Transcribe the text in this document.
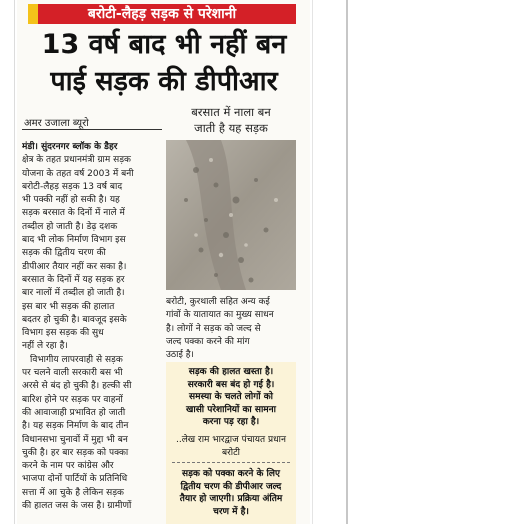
बरोटी-लैहड़ सड़क से परेशानी
13 वर्ष बाद भी नहीं बन
पाई सड़क की डीपीआर
अमर उजाला ब्यूरो
मंडी। सुंदरनगर ब्लॉक के डैहर
क्षेत्र के तहत प्रधानमंत्री ग्राम सड़क
योजना के तहत वर्ष 2003 में बनी
बरोटी-लैहड़ सड़क 13 वर्ष बाद
भी पक्की नहीं हो सकी है। यह
सड़क बरसात के दिनों में नाले में
तब्दील हो जाती है। डेढ़ दशक
बाद भी लोक निर्माण विभाग इस
सड़क की द्वितीय चरण की
डीपीआर तैयार नहीं कर सका है।
बरसात के दिनों में यह सड़क हर
बार नालों में तब्दील हो जाती है।
इस बार भी सड़क की हालात
बदतर हो चुकी है। बावजूद इसके
विभाग इस सड़क की सुध
नहीं ले रहा है।
विभागीय लापरवाही से सड़क
पर चलने वाली सरकारी बस भी
अरसे से बंद हो चुकी है। हल्की सी
बारिश होने पर सड़क पर वाहनों
की आवाजाही प्रभावित हो जाती
है। यह सड़क निर्माण के बाद तीन
विधानसभा चुनावों में मुद्दा भी बन
चुकी है। हर बार सड़क को पक्का
करने के नाम पर कांग्रेस और
भाजपा दोनों पार्टियों के प्रतिनिधि
सत्ता में आ चुके है लेकिन सड़क
की हालत जस के जस है। ग्रामीणों
बरसात में नाला बन
जाती है यह सड़क
बरोटी, कुरथाली सहित अन्य कई
गांवों के यातायात का मुख्य साधन
है। लोगों ने सड़क को जल्द से
जल्द पक्का करने की मांग
उठाई है।
सड़क की हालत खस्ता है।
सरकारी बस बंद हो गई है।
समस्या के चलते लोगों को
खासी परेशानियों का सामना
करना पड़ रहा है।
..लेख राम भारद्वाज पंचायत प्रधान
बरोटी
सड़क को पक्का करने के लिए
द्वितीय चरण की डीपीआर जल्द
तैयार हो जाएगी। प्रक्रिया अंतिम
चरण में है।
